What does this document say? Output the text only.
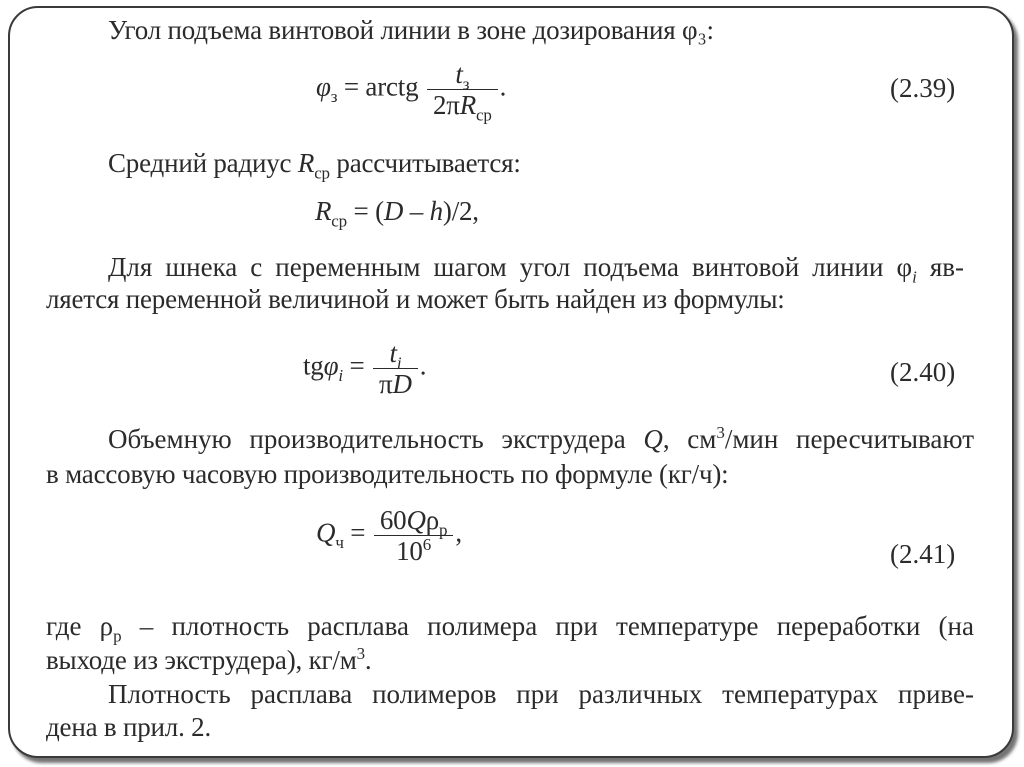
Угол подъема винтовой линии в зоне дозирования φ₃:
$\varphi_з$ = arctg $\frac{t_з}{2\pi R_{ср}}$ .	(2.39)
Средний радиус $R_{ср}$ рассчитывается:
$R_{ср} = (D - h)/2$,
Для шнека с переменным шагом угол подъема винтовой линии $\varphi_i$ яв-
ляется переменной величиной и может быть найден из формулы:
$tg\varphi_i = \frac{t_i}{\pi D}$ .	(2.40)
Объемную производительность экструдера Q, $см^3$/мин пересчитывают
в массовую часовую производительность по формуле (кг/ч):
$Q_ч = \frac{60Q\rho_р}{10^6}$ ,
(2.41)
где $\rho_р$ – плотность расплава полимера при температуре переработки (на
выходе из экструдера), $кг/м^3$.
Плотность расплава полимеров при различных температурах приве-
дена в прил. 2.
